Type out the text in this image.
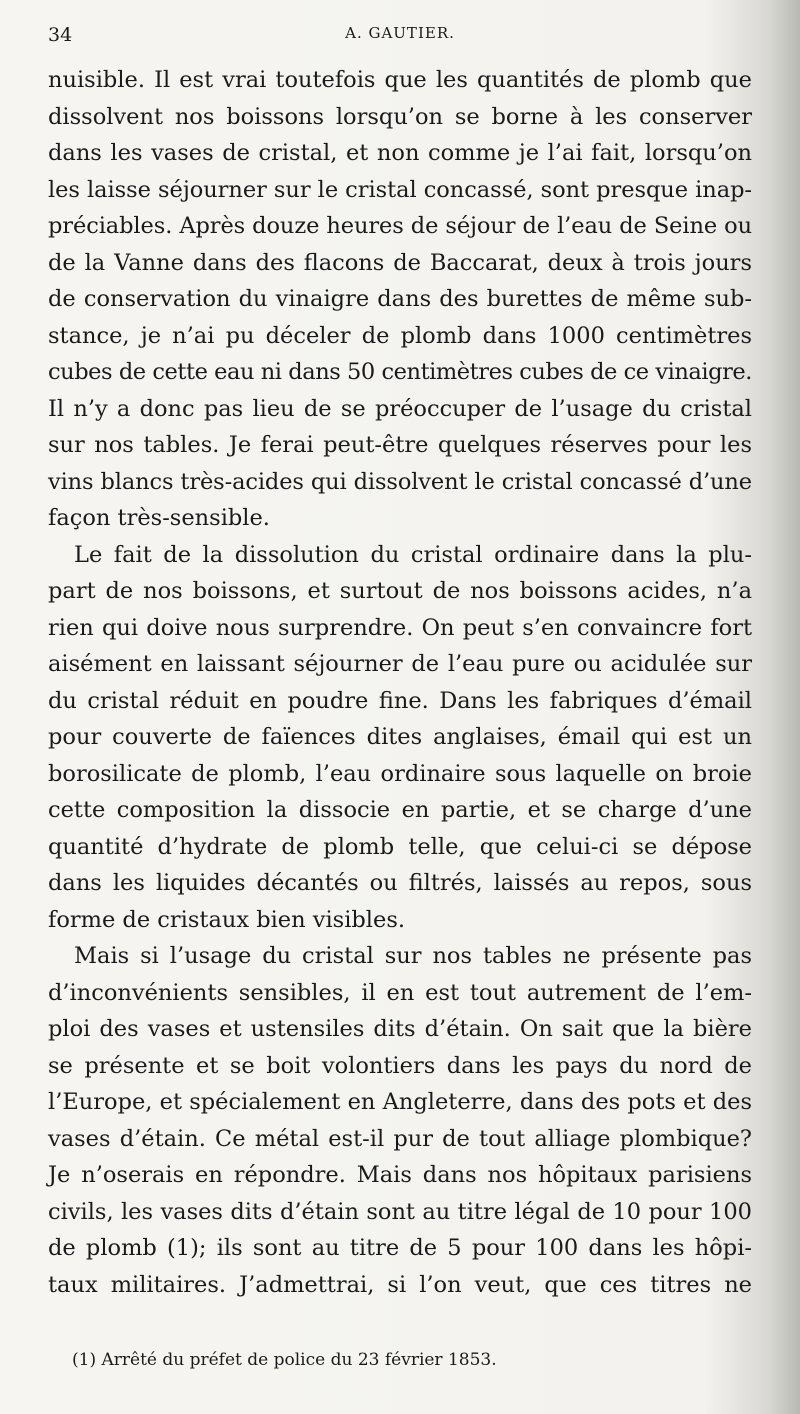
34	A. GAUTIER.
nuisible. Il est vrai toutefois que les quantités de plomb que
dissolvent nos boissons lorsqu’on se borne à les conserver
dans les vases de cristal, et non comme je l’ai fait, lorsqu’on
les laisse séjourner sur le cristal concassé, sont presque inap-
préciables. Après douze heures de séjour de l’eau de Seine ou
de la Vanne dans des flacons de Baccarat, deux à trois jours
de conservation du vinaigre dans des burettes de même sub-
stance, je n’ai pu déceler de plomb dans 1000 centimètres
cubes de cette eau ni dans 50 centimètres cubes de ce vinaigre.
Il n’y a donc pas lieu de se préoccuper de l’usage du cristal
sur nos tables. Je ferai peut-être quelques réserves pour les
vins blancs très-acides qui dissolvent le cristal concassé d’une
façon très-sensible.
Le fait de la dissolution du cristal ordinaire dans la plu-
part de nos boissons, et surtout de nos boissons acides, n’a
rien qui doive nous surprendre. On peut s’en convaincre fort
aisément en laissant séjourner de l’eau pure ou acidulée sur
du cristal réduit en poudre fine. Dans les fabriques d’émail
pour couverte de faïences dites anglaises, émail qui est un
borosilicate de plomb, l’eau ordinaire sous laquelle on broie
cette composition la dissocie en partie, et se charge d’une
quantité d’hydrate de plomb telle, que celui-ci se dépose
dans les liquides décantés ou filtrés, laissés au repos, sous
forme de cristaux bien visibles.
Mais si l’usage du cristal sur nos tables ne présente pas
d’inconvénients sensibles, il en est tout autrement de l’em-
ploi des vases et ustensiles dits d’étain. On sait que la bière
se présente et se boit volontiers dans les pays du nord de
l’Europe, et spécialement en Angleterre, dans des pots et des
vases d’étain. Ce métal est-il pur de tout alliage plombique?
Je n’oserais en répondre. Mais dans nos hôpitaux parisiens
civils, les vases dits d’étain sont au titre légal de 10 pour 100
de plomb (1); ils sont au titre de 5 pour 100 dans les hôpi-
taux militaires. J’admettrai, si l’on veut, que ces titres ne
(1) Arrêté du préfet de police du 23 février 1853.
